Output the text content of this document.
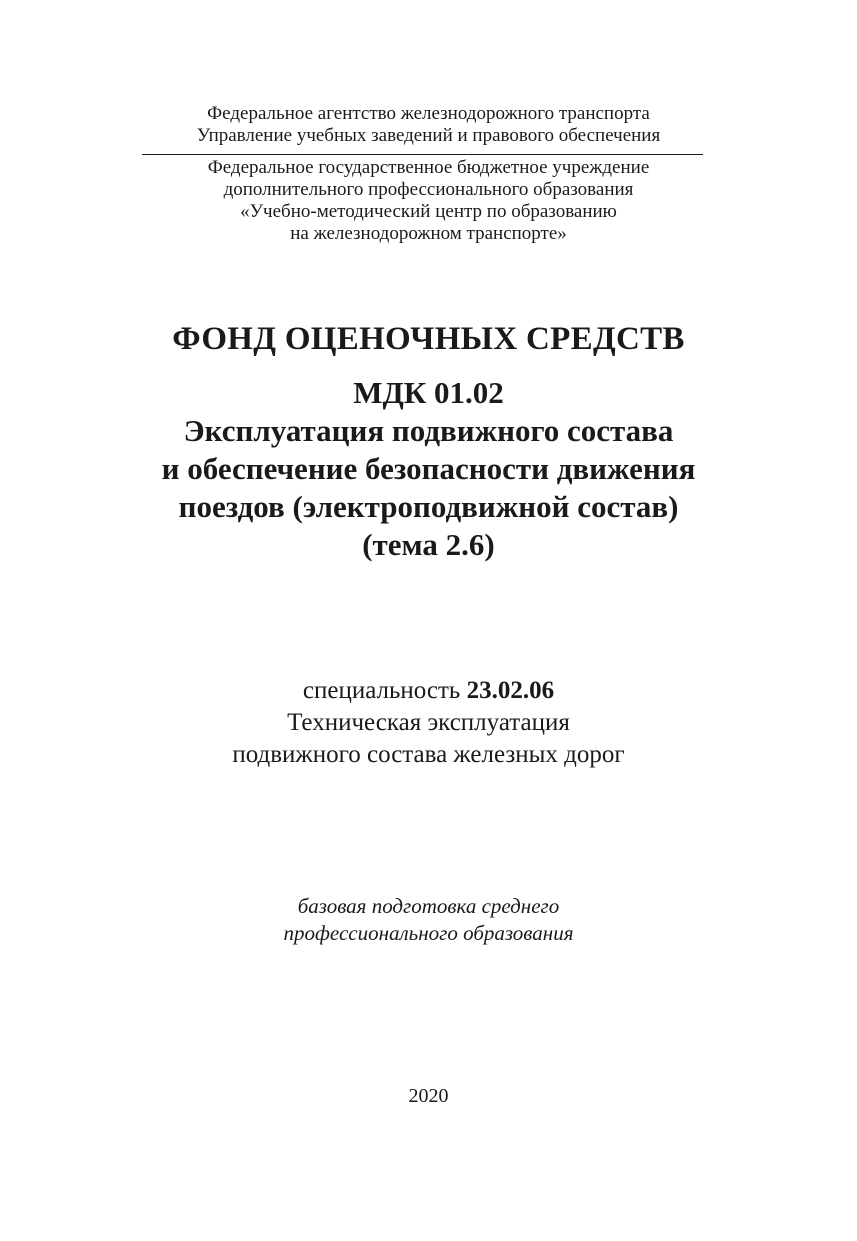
Федеральное агентство железнодорожного транспорта
Управление учебных заведений и правового обеспечения
Федеральное государственное бюджетное учреждение
дополнительного профессионального образования
«Учебно-методический центр по образованию
на железнодорожном транспорте»
ФОНД ОЦЕНОЧНЫХ СРЕДСТВ
МДК 01.02
Эксплуатация подвижного состава
и обеспечение безопасности движения
поездов (электроподвижной состав)
(тема 2.6)
специальность 23.02.06
Техническая эксплуатация
подвижного состава железных дорог
базовая подготовка среднего
профессионального образования
2020
